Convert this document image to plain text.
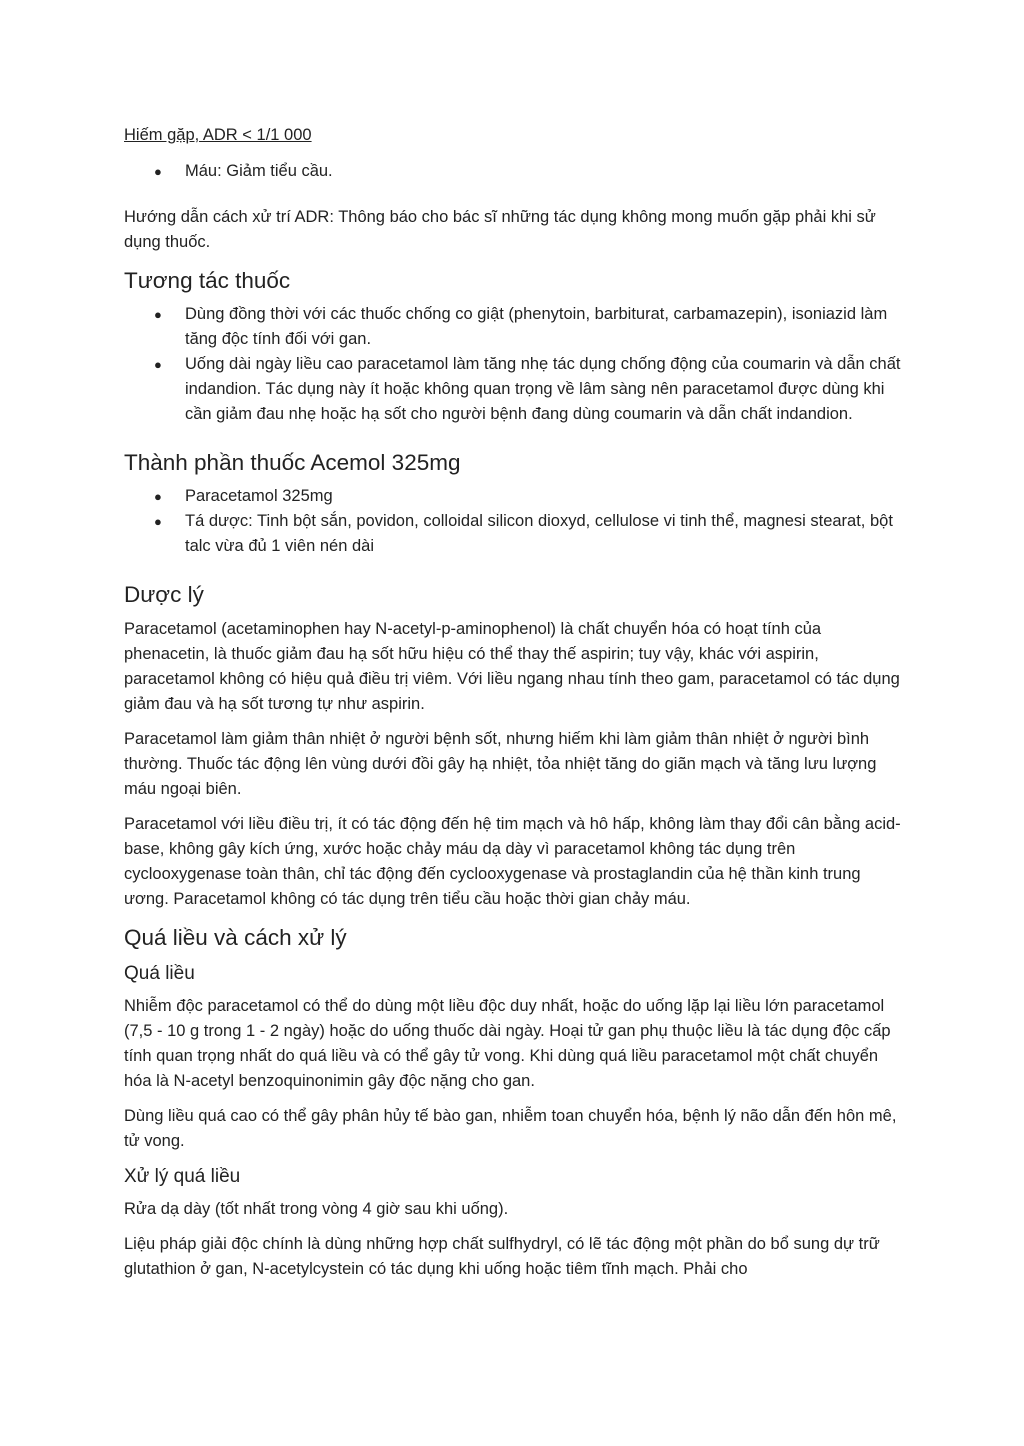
Hiếm gặp, ADR < 1/1 000

● Máu: Giảm tiểu cầu.

Hướng dẫn cách xử trí ADR: Thông báo cho bác sĩ những tác dụng không mong muốn gặp phải khi sử dụng thuốc.

Tương tác thuốc
● Dùng đồng thời với các thuốc chống co giật (phenytoin, barbiturat, carbamazepin), isoniazid làm tăng độc tính đối với gan.
● Uống dài ngày liều cao paracetamol làm tăng nhẹ tác dụng chống động của coumarin và dẫn chất indandion. Tác dụng này ít hoặc không quan trọng về lâm sàng nên paracetamol được dùng khi cần giảm đau nhẹ hoặc hạ sốt cho người bệnh đang dùng coumarin và dẫn chất indandion.
Thành phần thuốc Acemol 325mg
● Paracetamol 325mg
● Tá dược: Tinh bột sắn, povidon, colloidal silicon dioxyd, cellulose vi tinh thể, magnesi stearat, bột talc vừa đủ 1 viên nén dài
Dược lý

Paracetamol (acetaminophen hay N-acetyl-p-aminophenol) là chất chuyển hóa có hoạt tính của phenacetin, là thuốc giảm đau hạ sốt hữu hiệu có thể thay thế aspirin; tuy vậy, khác với aspirin, paracetamol không có hiệu quả điều trị viêm. Với liều ngang nhau tính theo gam, paracetamol có tác dụng giảm đau và hạ sốt tương tự như aspirin.

Paracetamol làm giảm thân nhiệt ở người bệnh sốt, nhưng hiếm khi làm giảm thân nhiệt ở người bình thường. Thuốc tác động lên vùng dưới đồi gây hạ nhiệt, tỏa nhiệt tăng do giãn mạch và tăng lưu lượng máu ngoại biên.

Paracetamol với liều điều trị, ít có tác động đến hệ tim mạch và hô hấp, không làm thay đổi cân bằng acid-base, không gây kích ứng, xước hoặc chảy máu dạ dày vì paracetamol không tác dụng trên cyclooxygenase toàn thân, chỉ tác động đến cyclooxygenase và prostaglandin của hệ thần kinh trung ương. Paracetamol không có tác dụng trên tiểu cầu hoặc thời gian chảy máu.

Quá liều và cách xử lý
Quá liều

Nhiễm độc paracetamol có thể do dùng một liều độc duy nhất, hoặc do uống lặp lại liều lớn paracetamol (7,5 - 10 g trong 1 - 2 ngày) hoặc do uống thuốc dài ngày. Hoại tử gan phụ thuộc liều là tác dụng độc cấp tính quan trọng nhất do quá liều và có thể gây tử vong. Khi dùng quá liều paracetamol một chất chuyển hóa là N-acetyl benzoquinonimin gây độc nặng cho gan.

Dùng liều quá cao có thể gây phân hủy tế bào gan, nhiễm toan chuyển hóa, bệnh lý não dẫn đến hôn mê, tử vong.

Xử lý quá liều

Rửa dạ dày (tốt nhất trong vòng 4 giờ sau khi uống).

Liệu pháp giải độc chính là dùng những hợp chất sulfhydryl, có lẽ tác động một phần do bổ sung dự trữ glutathion ở gan, N-acetylcystein có tác dụng khi uống hoặc tiêm tĩnh mạch. Phải cho
